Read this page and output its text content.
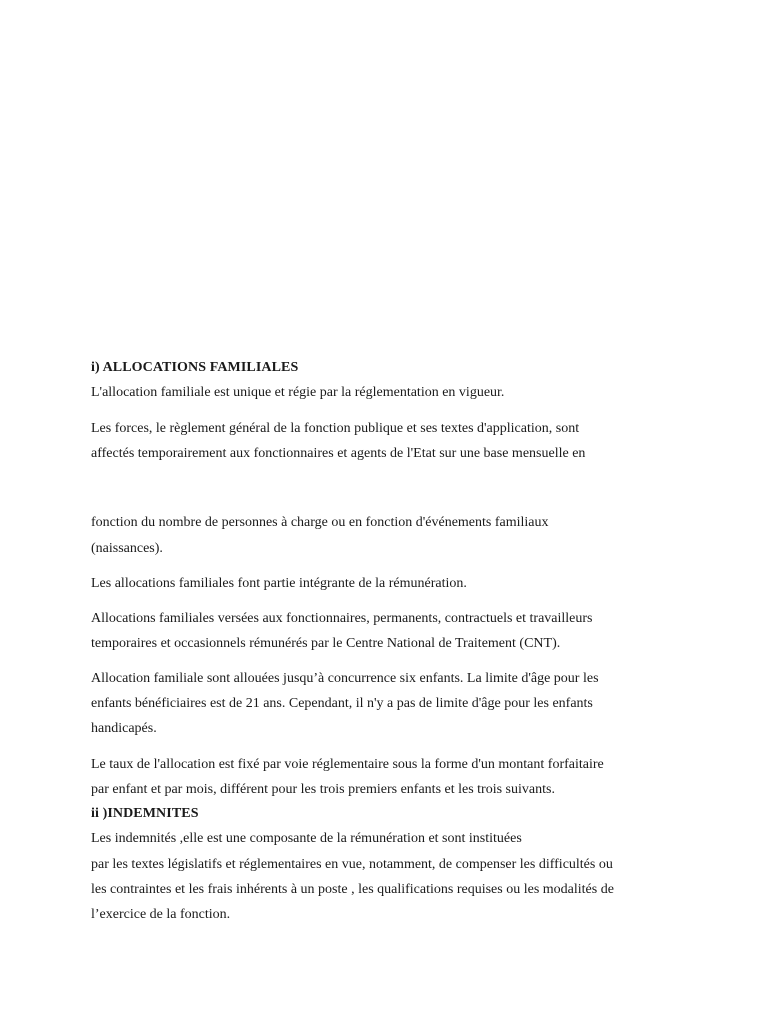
i) ALLOCATIONS FAMILIALES

L'allocation familiale est unique et régie par la réglementation en vigueur.

Les forces, le règlement général de la fonction publique et ses textes d'application, sont

affectés temporairement aux fonctionnaires et agents de l'Etat sur une base mensuelle en

fonction du nombre de personnes à charge ou en fonction d'événements familiaux

(naissances).

Les allocations familiales font partie intégrante de la rémunération.

Allocations familiales versées aux fonctionnaires, permanents, contractuels et travailleurs

temporaires et occasionnels rémunérés par le Centre National de Traitement (CNT).

Allocation familiale sont allouées jusqu’à concurrence six enfants. La limite d'âge pour les

enfants bénéficiaires est de 21 ans. Cependant, il n'y a pas de limite d'âge pour les enfants

handicapés.

Le taux de l'allocation est fixé par voie réglementaire sous la forme d'un montant forfaitaire

par enfant et par mois, différent pour les trois premiers enfants et les trois suivants.

ii )INDEMNITES

Les indemnités ,elle est une composante de la rémunération et sont instituées

par les textes législatifs et réglementaires en vue, notamment, de compenser les difficultés ou

les contraintes et les frais inhérents à un poste , les qualifications requises ou les modalités de

l’exercice de la fonction.
